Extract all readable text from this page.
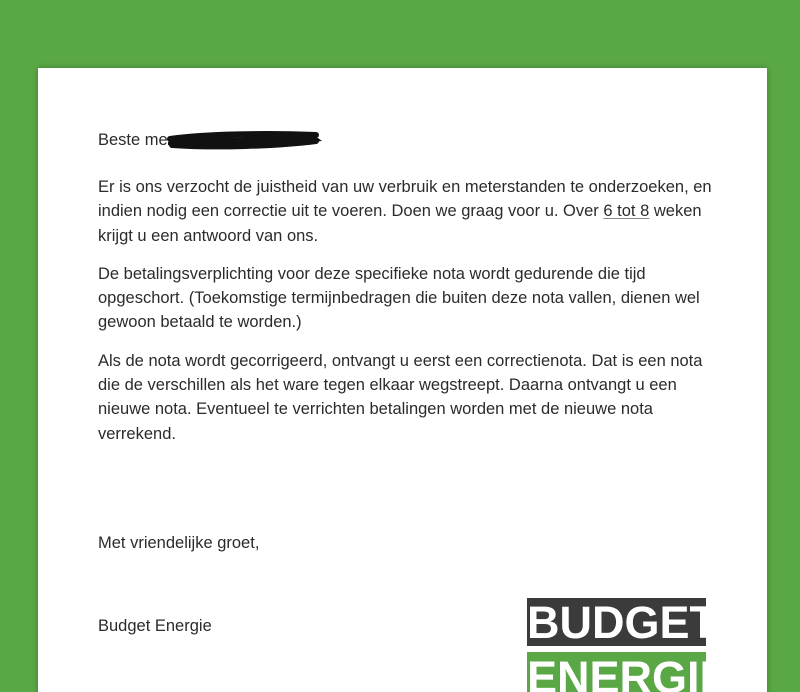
Beste me

Er is ons verzocht de juistheid van uw verbruik en meterstanden te onderzoeken, en indien nodig een correctie uit te voeren. Doen we graag voor u. Over 6 tot 8 weken krijgt u een antwoord van ons.

De betalingsverplichting voor deze specifieke nota wordt gedurende die tijd opgeschort. (Toekomstige termijnbedragen die buiten deze nota vallen, dienen wel gewoon betaald te worden.)

Als de nota wordt gecorrigeerd, ontvangt u eerst een correctienota. Dat is een nota die de verschillen als het ware tegen elkaar wegstreept. Daarna ontvangt u een nieuwe nota. Eventueel te verrichten betalingen worden met de nieuwe nota verrekend.

Met vriendelijke groet,

Budget Energie	BUDGET
ENERGIE
